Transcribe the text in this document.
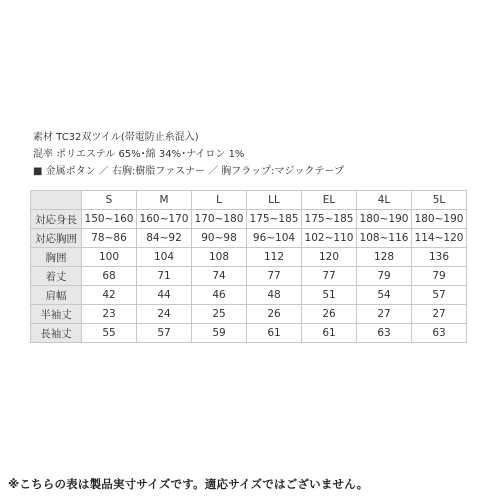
素材 TC32双ツイル(帯電防止糸混入)
混率 ポリエステル 65%･綿 34%･ナイロン 1%
■ 金属ボタン ／ 右胸:樹脂ファスナー ／ 胸フラップ:マジックテープ
	S	M	L	LL	EL	4L	5L
対応身長	150~160	160~170	170~180	175~185	175~185	180~190	180~190
対応胸囲	78~86	84~92	90~98	96~104	102~110	108~116	114~120
胸囲	100	104	108	112	120	128	136
着丈	68	71	74	77	77	79	79
肩幅	42	44	46	48	51	54	57
半袖丈	23	24	25	26	26	27	27
長袖丈	55	57	59	61	61	63	63
※こちらの表は製品実寸サイズです。適応サイズではございません。
